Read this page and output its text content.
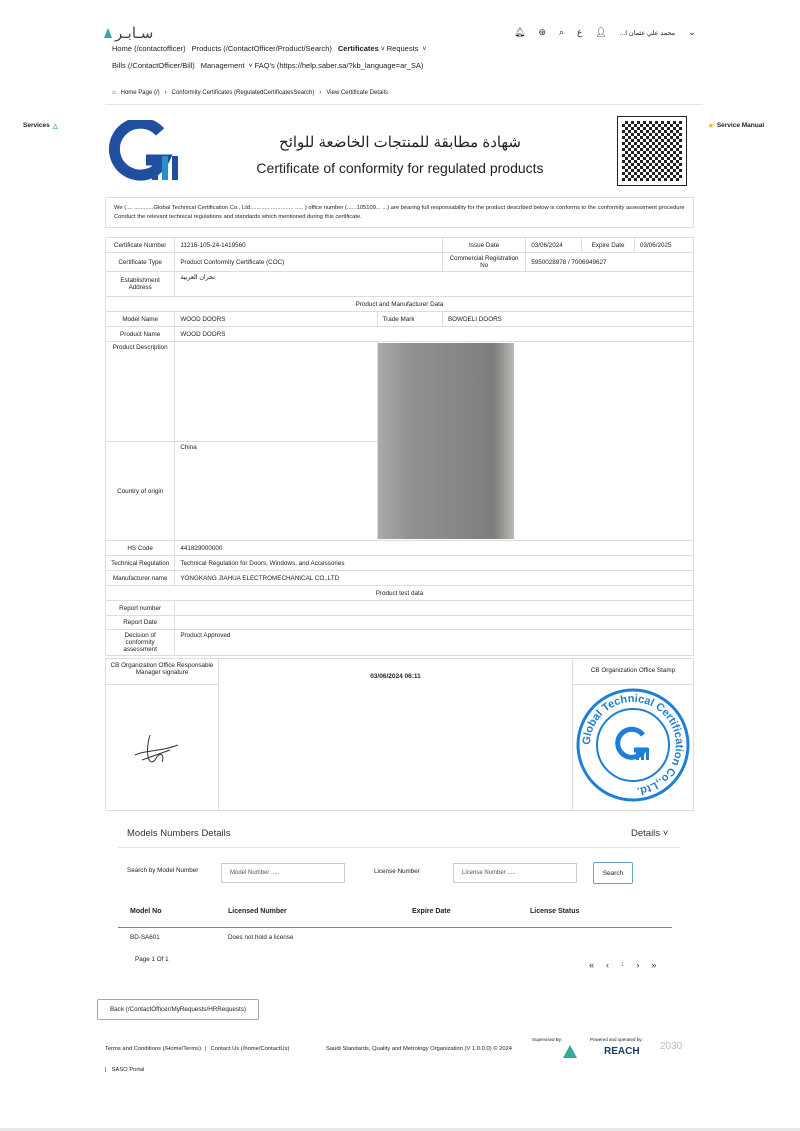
سـابـر	🔔︎ ⊛ ⌕ ع 👤︎ ...محمد علي عثمان ا ⌄
Home (/contactofficer) Products (/ContactOfficer/Product/Search) Certificates ˅ Requests ˅
Bills (/ContactOfficer/Bill) Management ˅ FAQ's (https://help.saber.sa/?kb_language=ar_SA)
⌂ Home Page (/) › Conformity Certificates (RegulatedCertificatesSearch) › View Certificate Details
Services △	☀ Service Manual
شهادة مطابقة للمنتجات الخاضعة للوائح
Certificate of conformity for regulated products
We (.... ............Global Technical Certification Co., Ltd............ .............. ..... ) office number (......105109... ...) are bearing full responsability for the product described below is conforms to the conformity assessment procedure Conduct the relevant technical regulations and standards which mentioned during this certificate.
Certificate Number	11216-105-24-1419560		Issue Date	03/06/2024	Expire Date	03/06/2025
Certificate Type	Product Conformity Certificate (COC)		Commercial Registration No	5950028978 / 7006949627		
Establishment Address	نجران العربية					
Product and Manufacturer Data						
Model Name	WOOD DOORS	Trade Mark	BOWDELI DOORS			
Product Name	WOOD DOORS					
Product Description						

Country of origin	China					
HS Code	441829000000					
Technical Regulation	Technical Regulation for Doors, Windows, and Accessories					
Manufacturer name	YONGKANG JIAHUA ELECTROMECHANICAL CO.,LTD					
Product test data						
Report number						
Report Date						
Decision of conformity assessment	Product Approved					
CB Organization Office Responsable Manager signature
03/06/2024 06:11
CB Organization Office Stamp
Global Technical Certification Co.,Ltd.
Models Numbers Details	Details ˅
Search by Model Number	Model Number .....	License Number	License Number .....	Search
Model No	Licensed Number	Expire Date	License Status
BD-SA601	Does not hold a license
Page 1 Of 1
« ‹ 1 › »
Back (/ContactOfficer/MyRequests/HRRequests)
Terms and Conditions (/Home/Terms) | Contact Us (/home/ContactUs)	Saudi Standards, Quality and Metrology Organization (V 1.0.0.0) © 2024
Supervised By:	Powered and operated by:
REACH 2030
| SASO Portal
